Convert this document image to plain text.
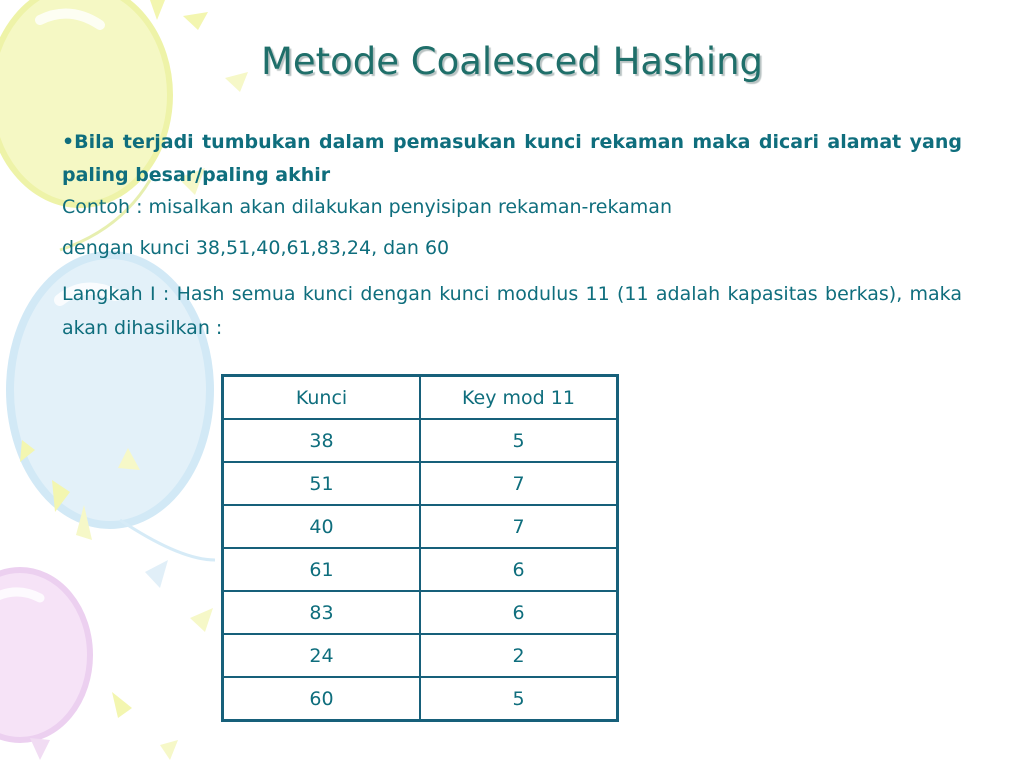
Metode Coalesced Hashing

•Bila terjadi tumbukan dalam pemasukan kunci rekaman maka dicari alamat yang paling besar/paling akhir

Contoh : misalkan akan dilakukan penyisipan rekaman-rekaman

dengan kunci 38,51,40,61,83,24, dan 60

Langkah I : Hash semua kunci dengan kunci modulus 11 (11 adalah kapasitas berkas), maka akan dihasilkan :

Kunci	Key mod 11
38	5
51	7
40	7
61	6
83	6
24	2
60	5
